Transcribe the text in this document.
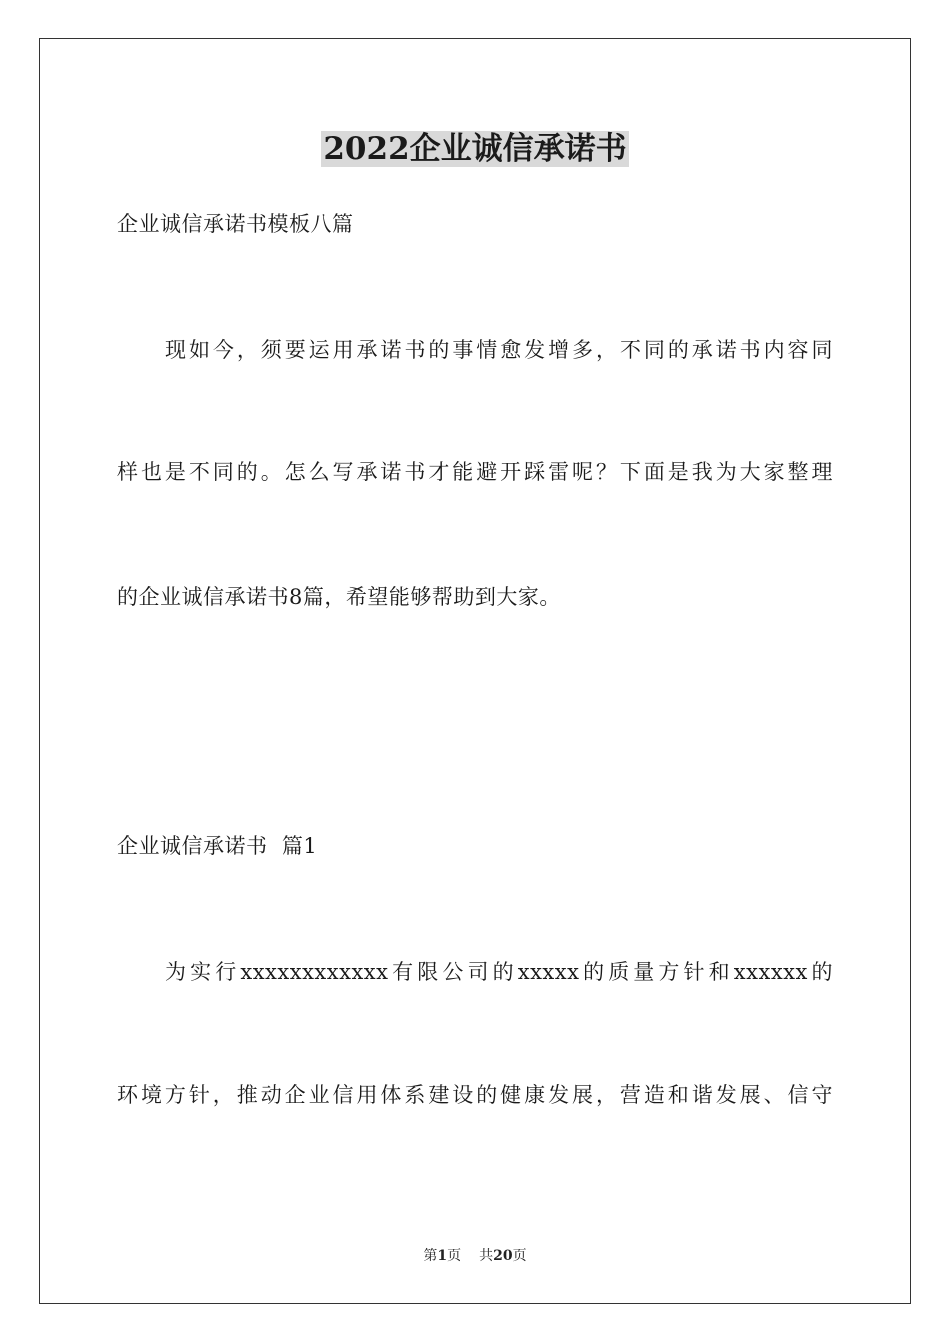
2022企业诚信承诺书
企业诚信承诺书模板八篇
现如今，须要运用承诺书的事情愈发增多，不同的承诺书内容同
样也是不同的。怎么写承诺书才能避开踩雷呢？下面是我为大家整理
的企业诚信承诺书8篇，希望能够帮助到大家。
企业诚信承诺书  篇1
为实行xxxxxxxxxxxx有限公司的xxxxx的质量方针和xxxxxx的
环境方针，推动企业信用体系建设的健康发展，营造和谐发展、信守
第1页 共20页
